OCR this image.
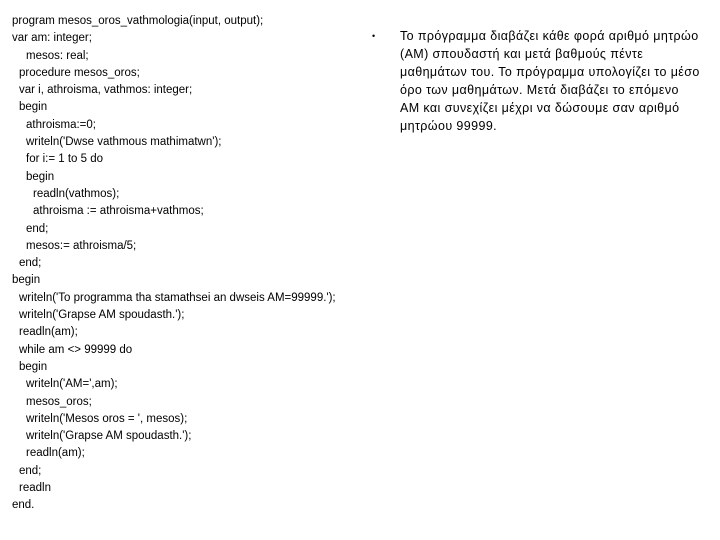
program mesos_oros_vathmologia(input, output);
var am: integer;
mesos: real;
procedure mesos_oros;
var i, athroisma, vathmos: integer;
begin
athroisma:=0;
writeln('Dwse vathmous mathimatwn');
for i:= 1 to 5 do
begin
readln(vathmos);
athroisma := athroisma+vathmos;
end;
mesos:= athroisma/5;
end;
begin
writeln('To programma tha stamathsei an dwseis AM=99999.');
writeln('Grapse AM spoudasth.');
readln(am);
while am <> 99999 do
begin
writeln('AM=',am);
mesos_oros;
writeln('Mesos oros = ', mesos);
writeln('Grapse AM spoudasth.');
readln(am);
end;
readln
end.
• Το πρόγραμμα διαβάζει κάθε φορά αριθμό μητρώο (ΑΜ) σπουδαστή και μετά βαθμούς πέντε μαθημάτων του. Το πρόγραμμα υπολογίζει το μέσο όρο των μαθημάτων. Μετά διαβάζει το επόμενο ΑΜ και συνεχίζει μέχρι να δώσουμε σαν αριθμό μητρώου 99999.
